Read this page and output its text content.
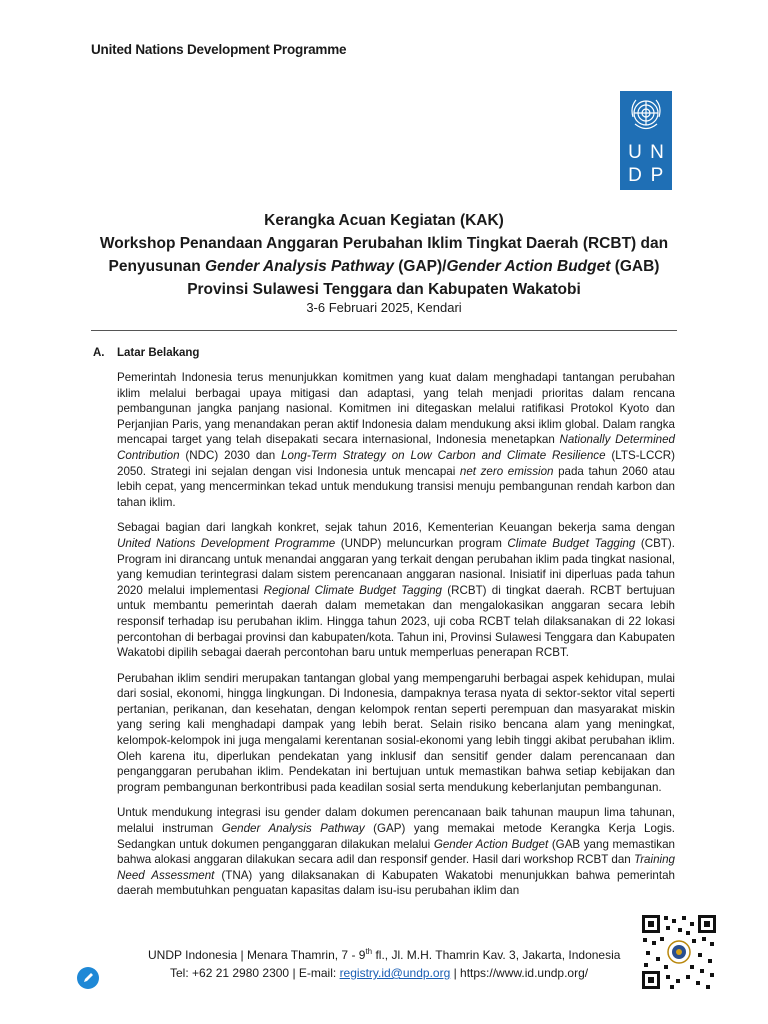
United Nations Development Programme
U N
D P
Kerangka Acuan Kegiatan (KAK)
Workshop Penandaan Anggaran Perubahan Iklim Tingkat Daerah (RCBT) dan
Penyusunan Gender Analysis Pathway (GAP)/Gender Action Budget (GAB)
Provinsi Sulawesi Tenggara dan Kabupaten Wakatobi
3-6 Februari 2025, Kendari
A. Latar Belakang

Pemerintah Indonesia terus menunjukkan komitmen yang kuat dalam menghadapi tantangan perubahan iklim melalui berbagai upaya mitigasi dan adaptasi, yang telah menjadi prioritas dalam rencana pembangunan jangka panjang nasional. Komitmen ini ditegaskan melalui ratifikasi Protokol Kyoto dan Perjanjian Paris, yang menandakan peran aktif Indonesia dalam mendukung aksi iklim global. Dalam rangka mencapai target yang telah disepakati secara internasional, Indonesia menetapkan Nationally Determined Contribution (NDC) 2030 dan Long-Term Strategy on Low Carbon and Climate Resilience (LTS-LCCR) 2050. Strategi ini sejalan dengan visi Indonesia untuk mencapai net zero emission pada tahun 2060 atau lebih cepat, yang mencerminkan tekad untuk mendukung transisi menuju pembangunan rendah karbon dan tahan iklim.

Sebagai bagian dari langkah konkret, sejak tahun 2016, Kementerian Keuangan bekerja sama dengan United Nations Development Programme (UNDP) meluncurkan program Climate Budget Tagging (CBT). Program ini dirancang untuk menandai anggaran yang terkait dengan perubahan iklim pada tingkat nasional, yang kemudian terintegrasi dalam sistem perencanaan anggaran nasional. Inisiatif ini diperluas pada tahun 2020 melalui implementasi Regional Climate Budget Tagging (RCBT) di tingkat daerah. RCBT bertujuan untuk membantu pemerintah daerah dalam memetakan dan mengalokasikan anggaran secara lebih responsif terhadap isu perubahan iklim. Hingga tahun 2023, uji coba RCBT telah dilaksanakan di 22 lokasi percontohan di berbagai provinsi dan kabupaten/kota. Tahun ini, Provinsi Sulawesi Tenggara dan Kabupaten Wakatobi dipilih sebagai daerah percontohan baru untuk memperluas penerapan RCBT.

Perubahan iklim sendiri merupakan tantangan global yang mempengaruhi berbagai aspek kehidupan, mulai dari sosial, ekonomi, hingga lingkungan. Di Indonesia, dampaknya terasa nyata di sektor-sektor vital seperti pertanian, perikanan, dan kesehatan, dengan kelompok rentan seperti perempuan dan masyarakat miskin yang sering kali menghadapi dampak yang lebih berat. Selain risiko bencana alam yang meningkat, kelompok-kelompok ini juga mengalami kerentanan sosial-ekonomi yang lebih tinggi akibat perubahan iklim. Oleh karena itu, diperlukan pendekatan yang inklusif dan sensitif gender dalam perencanaan dan penganggaran perubahan iklim. Pendekatan ini bertujuan untuk memastikan bahwa setiap kebijakan dan program pembangunan berkontribusi pada keadilan sosial serta mendukung keberlanjutan pembangunan.

Untuk mendukung integrasi isu gender dalam dokumen perencanaan baik tahunan maupun lima tahunan, melalui instruman Gender Analysis Pathway (GAP) yang memakai metode Kerangka Kerja Logis. Sedangkan untuk dokumen penganggaran dilakukan melalui Gender Action Budget (GAB yang memastikan bahwa alokasi anggaran dilakukan secara adil dan responsif gender. Hasil dari workshop RCBT dan Training Need Assessment (TNA) yang dilaksanakan di Kabupaten Wakatobi menunjukkan bahwa pemerintah daerah membutuhkan penguatan kapasitas dalam isu-isu perubahan iklim dan

UNDP Indonesia | Menara Thamrin, 7 - 9th fl., Jl. M.H. Thamrin Kav. 3, Jakarta, Indonesia
Tel: +62 21 2980 2300 | E-mail: registry.id@undp.org | https://www.id.undp.org/
